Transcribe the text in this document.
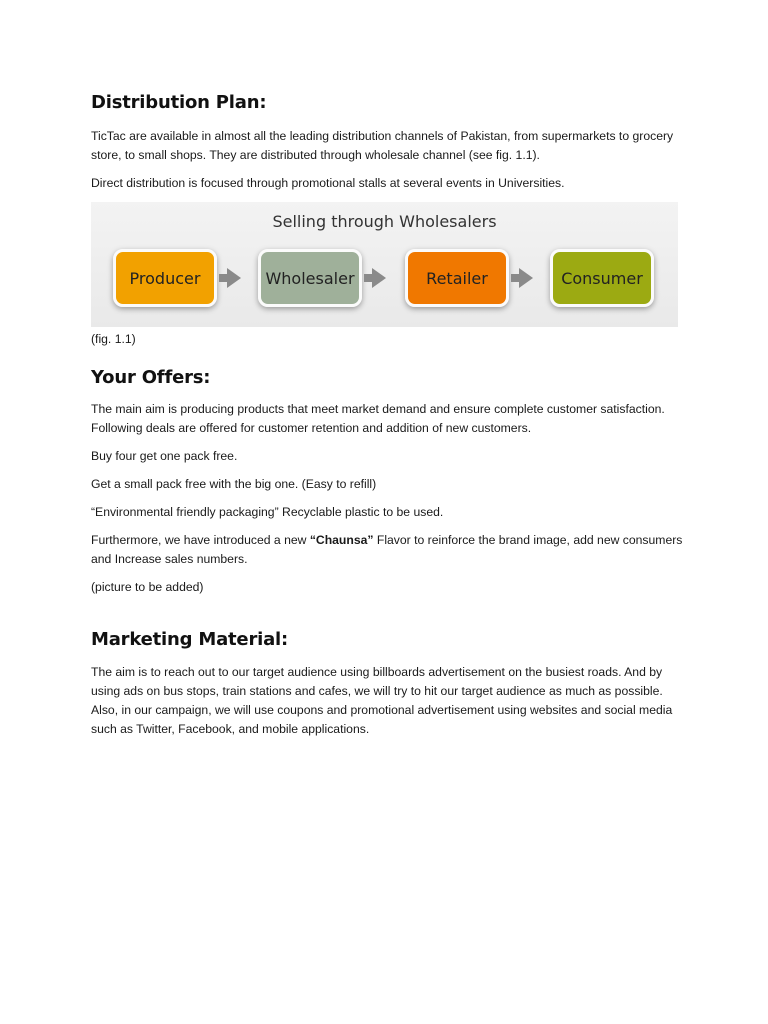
Distribution Plan:

TicTac are available in almost all the leading distribution channels of Pakistan, from supermarkets to grocery store, to small shops. They are distributed through wholesale channel (see fig. 1.1).

Direct distribution is focused through promotional stalls at several events in Universities.

Selling through Wholesalers
Producer	Wholesaler	Retailer	Consumer

(fig. 1.1)

Your Offers:

The main aim is producing products that meet market demand and ensure complete customer satisfaction. Following deals are offered for customer retention and addition of new customers.

Buy four get one pack free.

Get a small pack free with the big one. (Easy to refill)

“Environmental friendly packaging” Recyclable plastic to be used.

Furthermore, we have introduced a new “Chaunsa” Flavor to reinforce the brand image, add new consumers and Increase sales numbers.

(picture to be added)

Marketing Material:

The aim is to reach out to our target audience using billboards advertisement on the busiest roads. And by using ads on bus stops, train stations and cafes, we will try to hit our target audience as much as possible. Also, in our campaign, we will use coupons and promotional advertisement using websites and social media such as Twitter, Facebook, and mobile applications.
